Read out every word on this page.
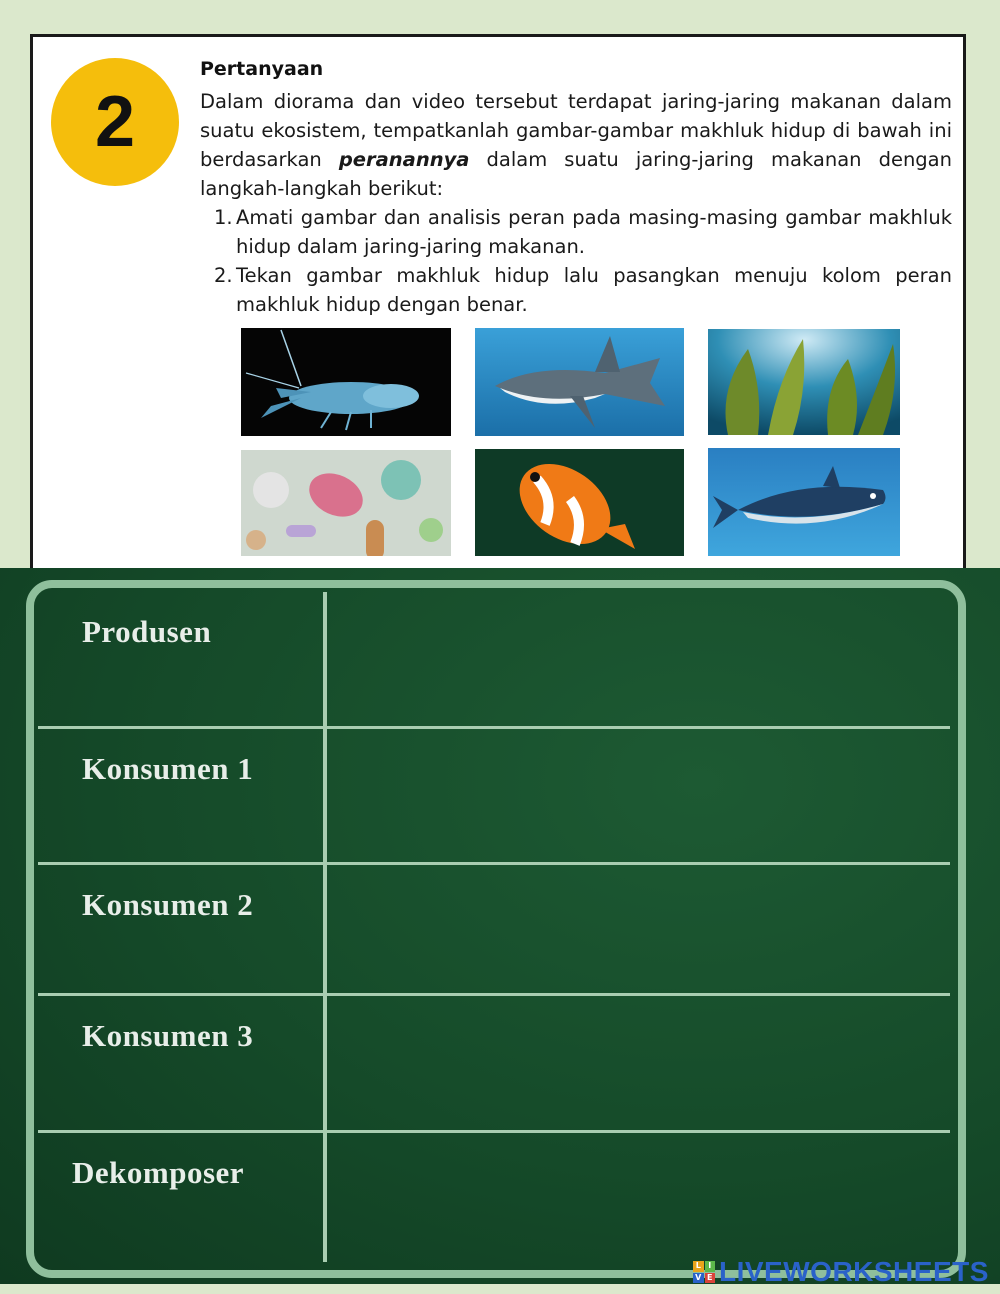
2
Pertanyaan
Dalam diorama dan video tersebut terdapat jaring-jaring makanan dalam suatu ekosistem, tempatkanlah gambar-gambar makhluk hidup di bawah ini berdasarkan peranannya dalam suatu jaring-jaring makanan dengan langkah-langkah berikut:
1. Amati gambar dan analisis peran pada masing-masing gambar makhluk hidup dalam jaring-jaring makanan.
2. Tekan gambar makhluk hidup lalu pasangkan menuju kolom peran makhluk hidup dengan benar.
Produsen
Konsumen 1
Konsumen 2
Konsumen 3
Dekomposer
L I
V E LIVEWORKSHEETS
